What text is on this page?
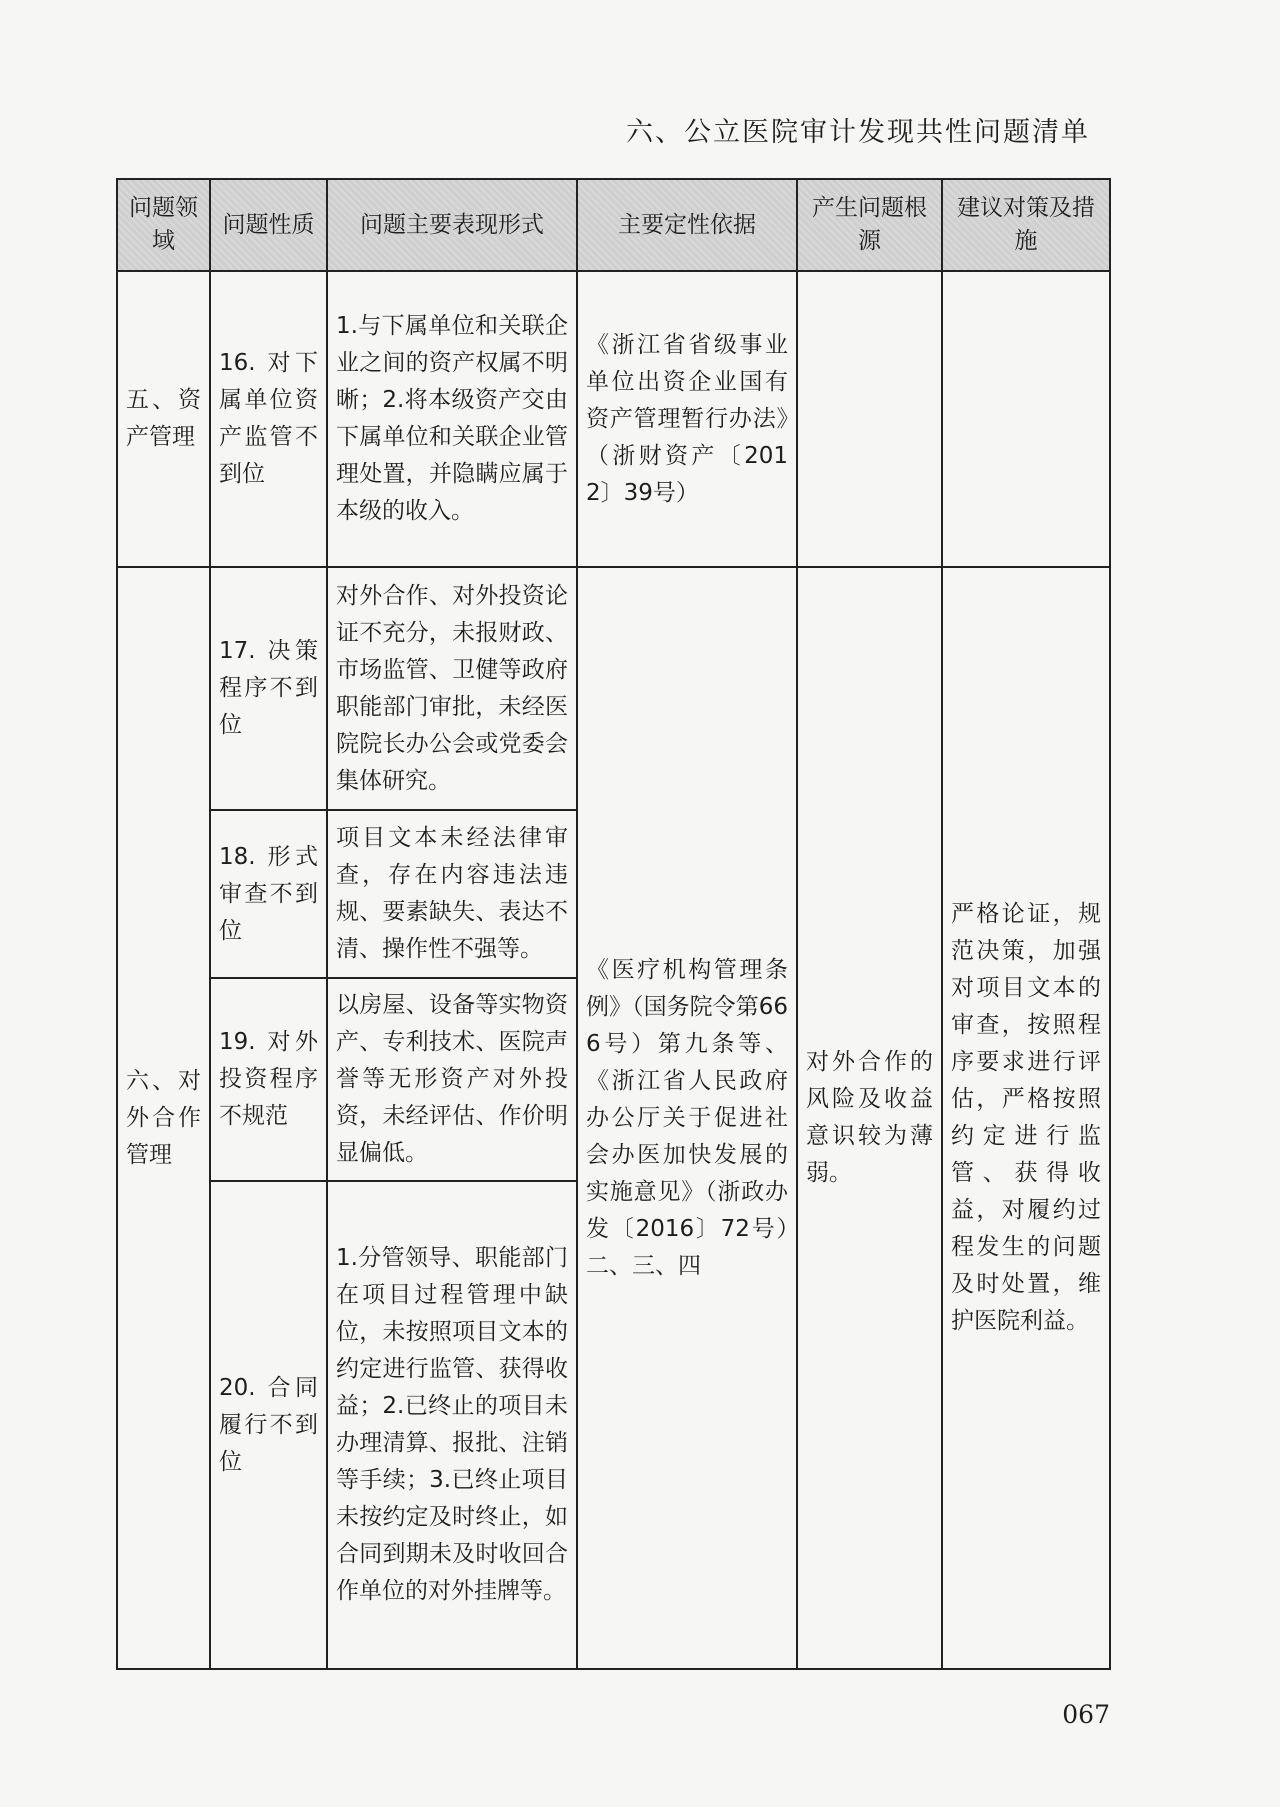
六、公立医院审计发现共性问题清单
问题领域	问题性质	问题主要表现形式	主要定性依据	产生问题根源	建议对策及措施
五、资产管理	16. 对下属单位资产监管不到位	1.与下属单位和关联企业之间的资产权属不明晰；2.将本级资产交由下属单位和关联企业管理处置，并隐瞒应属于本级的收入。	《浙江省省级事业单位出资企业国有资产管理暂行办法》（浙财资产〔2012〕39号）		
六、对外合作管理	17. 决策程序不到位	对外合作、对外投资论证不充分，未报财政、市场监管、卫健等政府职能部门审批，未经医院院长办公会或党委会集体研究。	《医疗机构管理条例》（国务院令第666号）第九条等、《浙江省人民政府办公厅关于促进社会办医加快发展的实施意见》（浙政办发〔2016〕72号）二、三、四	对外合作的风险及收益意识较为薄弱。	严格论证，规范决策，加强对项目文本的审查，按照程序要求进行评估，严格按照约定进行监管、获得收益，对履约过程发生的问题及时处置，维护医院利益。
	18. 形式审查不到位	项目文本未经法律审查，存在内容违法违规、要素缺失、表达不清、操作性不强等。			
	19. 对外投资程序不规范	以房屋、设备等实物资产、专利技术、医院声誉等无形资产对外投资，未经评估、作价明显偏低。			
	20. 合同履行不到位	1.分管领导、职能部门在项目过程管理中缺位，未按照项目文本的约定进行监管、获得收益；2.已终止的项目未办理清算、报批、注销等手续；3.已终止项目未按约定及时终止，如合同到期未及时收回合作单位的对外挂牌等。			
067
